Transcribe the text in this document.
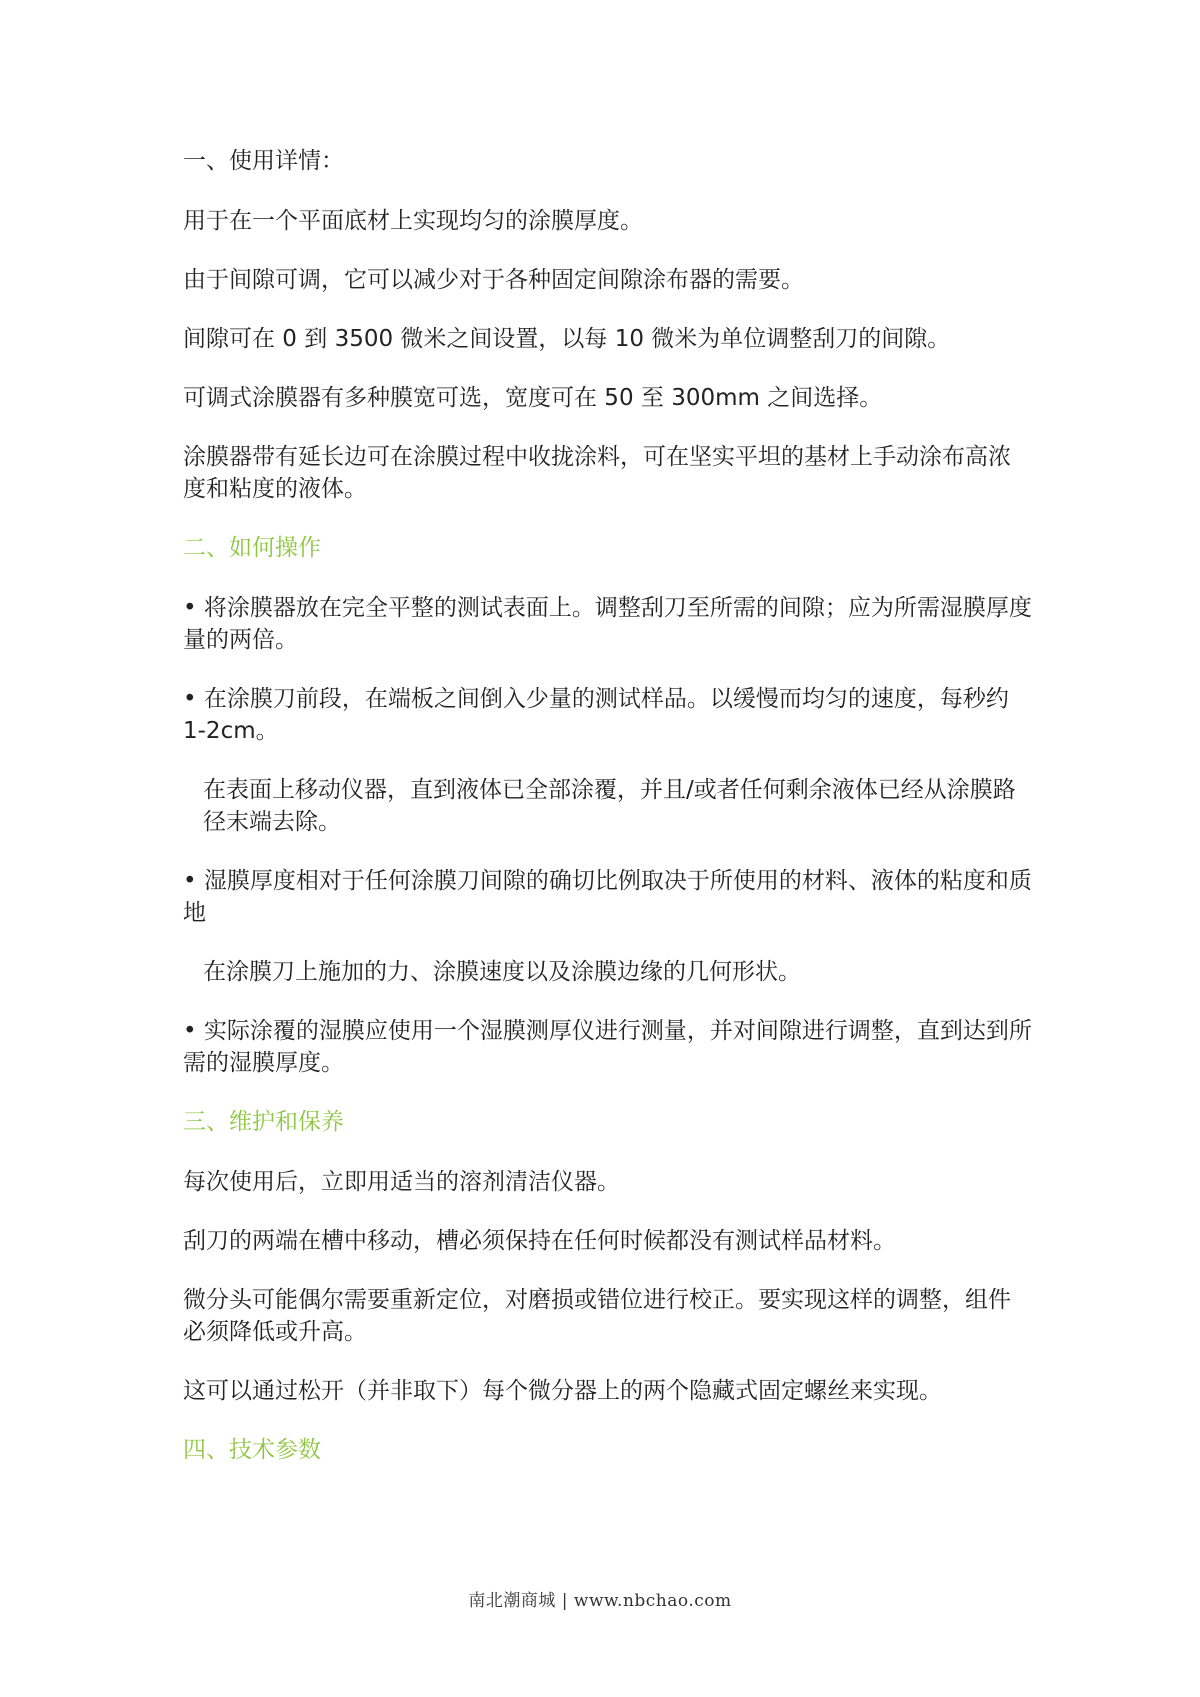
一、使用详情：

用于在一个平面底材上实现均匀的涂膜厚度。

由于间隙可调，它可以减少对于各种固定间隙涂布器的需要。

间隙可在 0 到 3500 微米之间设置，以每 10 微米为单位调整刮刀的间隙。

可调式涂膜器有多种膜宽可选，宽度可在 50 至 300mm 之间选择。

涂膜器带有延长边可在涂膜过程中收拢涂料，可在坚实平坦的基材上手动涂布高浓度和粘度的液体。

二、如何操作

• 将涂膜器放在完全平整的测试表面上。调整刮刀至所需的间隙；应为所需湿膜厚度量的两倍。

• 在涂膜刀前段，在端板之间倒入少量的测试样品。以缓慢而均匀的速度，每秒约 1-2cm。

在表面上移动仪器，直到液体已全部涂覆，并且/或者任何剩余液体已经从涂膜路径末端去除。

• 湿膜厚度相对于任何涂膜刀间隙的确切比例取决于所使用的材料、液体的粘度和质地

在涂膜刀上施加的力、涂膜速度以及涂膜边缘的几何形状。

• 实际涂覆的湿膜应使用一个湿膜测厚仪进行测量，并对间隙进行调整，直到达到所需的湿膜厚度。

三、维护和保养

每次使用后，立即用适当的溶剂清洁仪器。

刮刀的两端在槽中移动，槽必须保持在任何时候都没有测试样品材料。

微分头可能偶尔需要重新定位，对磨损或错位进行校正。要实现这样的调整，组件必须降低或升高。

这可以通过松开（并非取下）每个微分器上的两个隐藏式固定螺丝来实现。

四、技术参数

南北潮商城 | www.nbchao.com
